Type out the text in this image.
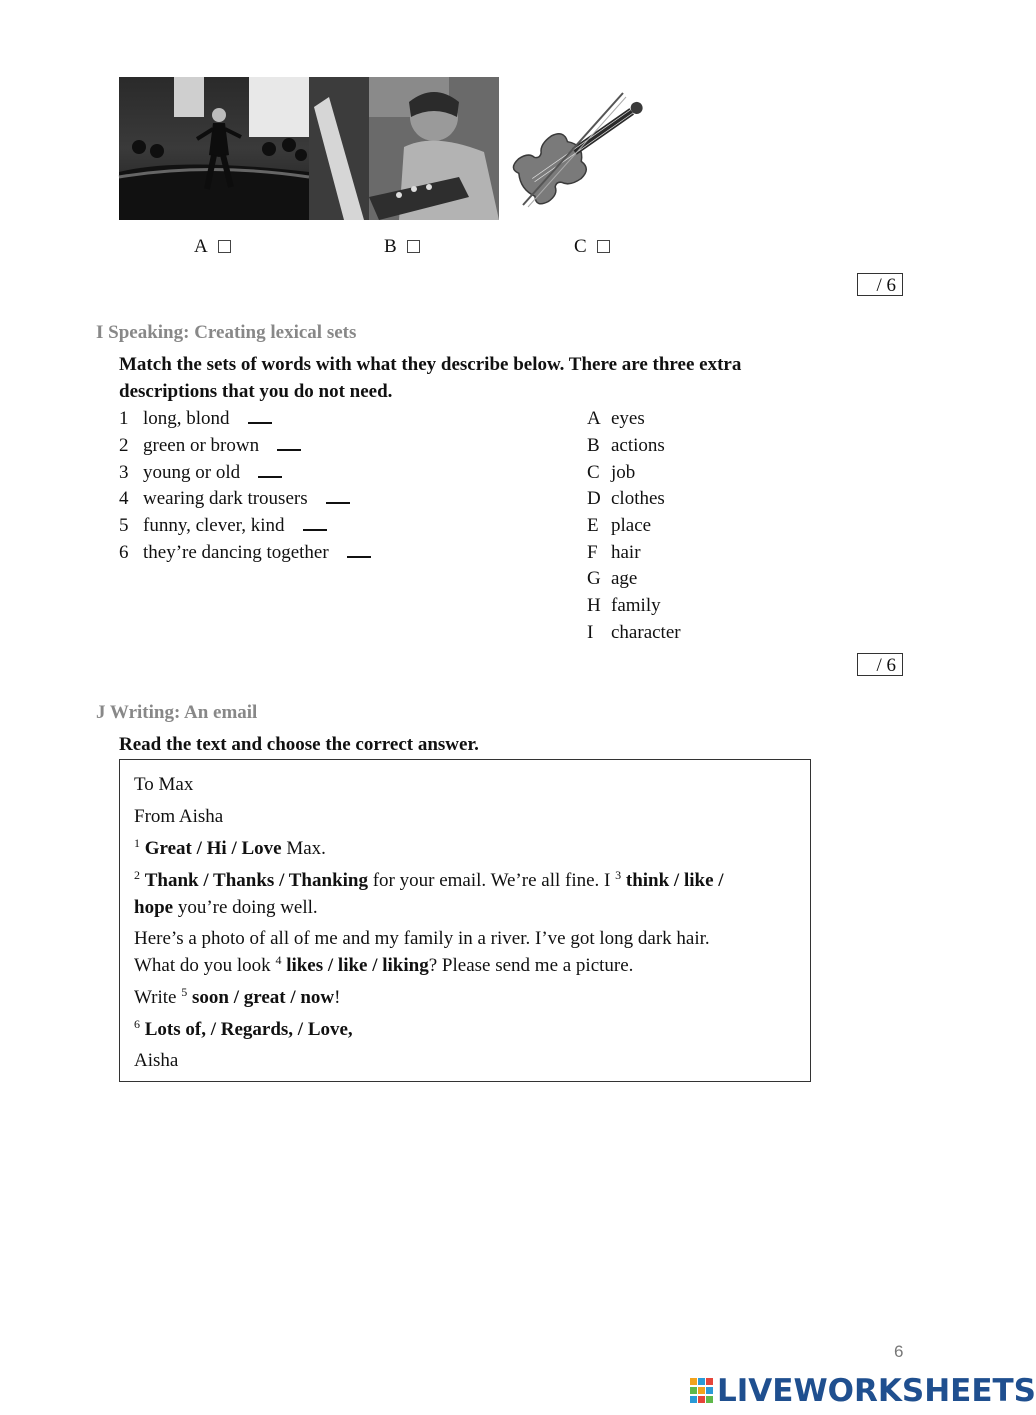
A	B	C
/ 6
I Speaking: Creating lexical sets
Match the sets of words with what they describe below. There are three extra descriptions that you do not need.
1 long, blond
2 green or brown
3 young or old
4 wearing dark trousers
5 funny, clever, kind
6 they’re dancing together
A eyes
B actions
C job
D clothes
E place
F hair
G age
H family
I character
/ 6
J Writing: An email
Read the text and choose the correct answer.
To Max
From Aisha
$^1$ Great / Hi / Love Max.
$^2$ Thank / Thanks / Thanking for your email. We’re all fine. I $^3$ think / like /
hope you’re doing well.
Here’s a photo of all of me and my family in a river. I’ve got long dark hair.
What do you look $^4$ likes / like / liking? Please send me a picture.
Write $^5$ soon / great / now!
$^6$ Lots of, / Regards, / Love,
Aisha
6
LIVEWORKSHEETS
